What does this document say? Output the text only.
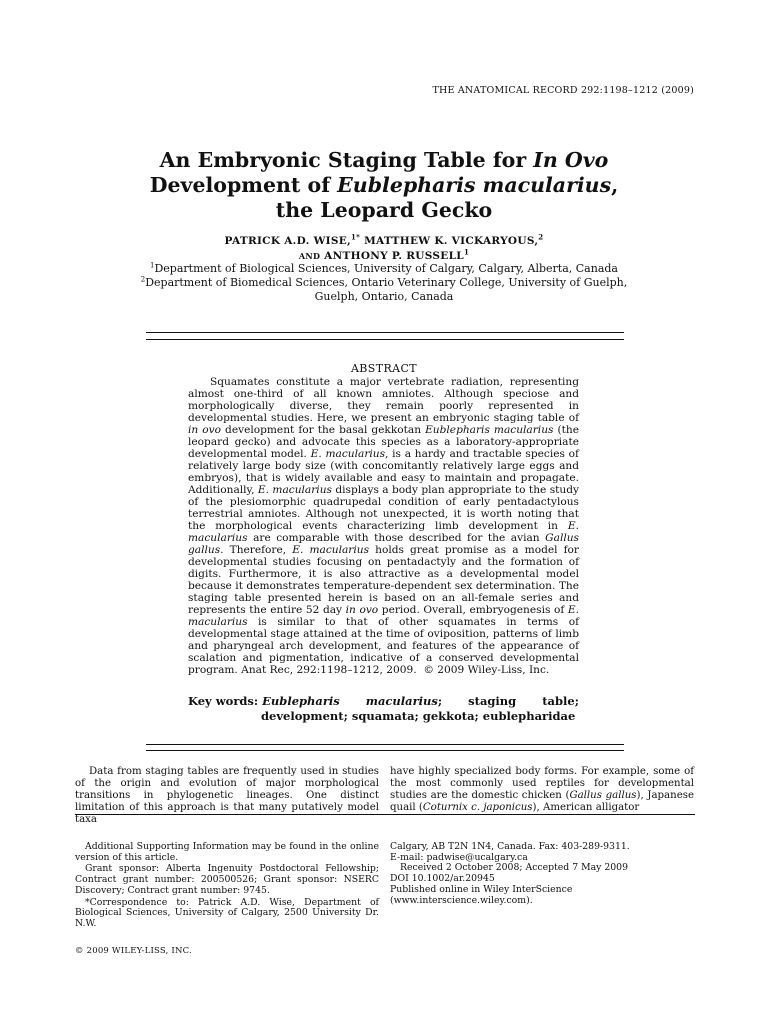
THE ANATOMICAL RECORD 292:1198–1212 (2009)
An Embryonic Staging Table for In Ovo
Development of Eublepharis macularius,
the Leopard Gecko
PATRICK A.D. WISE,$^{1*}$ MATTHEW K. VICKARYOUS,$^2$
AND ANTHONY P. RUSSELL$^1$
$^1$Department of Biological Sciences, University of Calgary, Calgary, Alberta, Canada
$^2$Department of Biomedical Sciences, Ontario Veterinary College, University of Guelph,
Guelph, Ontario, Canada
ABSTRACT

Squamates constitute a major vertebrate radiation, representing almost one-third of all known amniotes. Although speciose and morphologically diverse, they remain poorly represented in developmental studies. Here, we present an embryonic staging table of in ovo development for the basal gekkotan Eublepharis macularius (the leopard gecko) and advocate this species as a laboratory-appropriate developmental model. E. macularius, is a hardy and tractable species of relatively large body size (with concomitantly relatively large eggs and embryos), that is widely available and easy to maintain and propagate. Additionally, E. macularius displays a body plan appropriate to the study of the plesiomorphic quadrupedal condition of early pentadactylous terrestrial amniotes. Although not unexpected, it is worth noting that the morphological events characterizing limb development in E. macularius are comparable with those described for the avian Gallus gallus. Therefore, E. macularius holds great promise as a model for developmental studies focusing on pentadactyly and the formation of digits. Furthermore, it is also attractive as a developmental model because it demonstrates temperature-dependent sex determination. The staging table presented herein is based on an all-female series and represents the entire 52 day in ovo period. Overall, embryogenesis of E. macularius is similar to that of other squamates in terms of developmental stage attained at the time of oviposition, patterns of limb and pharyngeal arch development, and features of the appearance of scalation and pigmentation, indicative of a conserved developmental program. Anat Rec, 292:1198–1212, 2009. © 2009 Wiley-Liss, Inc.

Key words: Eublepharis macularius; staging table;
development; squamata; gekkota; eublepharidae

Data from staging tables are frequently used in studies of the origin and evolution of major morphological transitions in phylogenetic lineages. One distinct limitation of this approach is that many putatively model taxa

have highly specialized body forms. For example, some of the most commonly used reptiles for developmental studies are the domestic chicken (Gallus gallus), Japanese quail (Coturnix c. japonicus), American alligator

Additional Supporting Information may be found in the online version of this article.

Grant sponsor: Alberta Ingenuity Postdoctoral Fellowship; Contract grant number: 200500526; Grant sponsor: NSERC Discovery; Contract grant number: 9745.

*Correspondence to: Patrick A.D. Wise, Department of Biological Sciences, University of Calgary, 2500 University Dr. N.W.

Calgary, AB T2N 1N4, Canada. Fax: 403-289-9311.

E-mail: padwise@ucalgary.ca

Received 2 October 2008; Accepted 7 May 2009

DOI 10.1002/ar.20945

Published online in Wiley InterScience (www.interscience.wiley.com).

© 2009 WILEY-LISS, INC.
